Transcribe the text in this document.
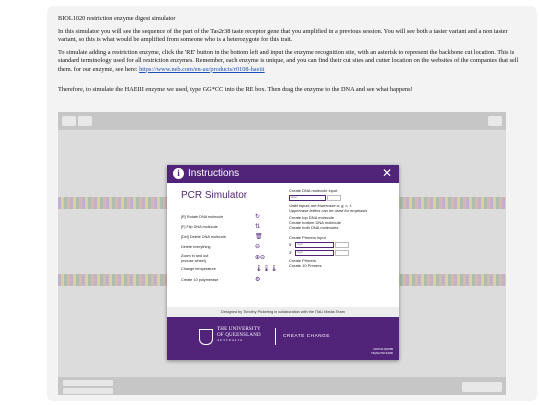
BIOL1020 restriction enzyme digest simulator
In this simulator you will see the sequence of the part of the Tas2r38 taste receptor gene that you amplified in a previous session. You will see both a taster variant and a non taster variant, so this is what would be amplified from someone who is a heterozygote for this trait.
To simulate adding a restriction enzyme, click the 'RE' button in the bottom left and input the enzyme recognition site, with an asterisk to represent the backbone cut location. This is standard terminology used for all restriction enzymes. Remember, each enzyme is unique, and you can find their cut sites and cutter location on the websites of the companies that sell them. for our enzyme, see here: https://www.neb.com/en-au/products/r0108-haeiii
Therefore, to simulate the HAEIII enzyme we used, type GG*CC into the RE box. Then drag the enzyme to the DNA and see what happens!
i Instructions	✕
PCR Simulator
[R] Rotate DNA molecule	↻
[F] Flip DNA molecule	⇅
[Del] Delete DNA molecule	🗑
Delete everything	⊖
Zoom in and out (mouse wheel)	⊕⊖
Change temperature	🌡🌡🌡
Create 10 polymerase	⚙
Create DNA molecule input
Input
Valid inputs are lowercase a, g, c, t.
Uppercase letters can be used for emphasis
Create top DNA molecule
Create bottom DNA molecule
Create both DNA molecules
Create Primers input
5'	Input
3'	Input
Create Primers
Create 10 Primers
Designed by Timothy Pickering in collaboration with the ITaLI Media Team
THE UNIVERSITY
OF QUEENSLAND
AUSTRALIA
CREATE CHANGE
CRICOS 00025B
TEQSA PRV12080
